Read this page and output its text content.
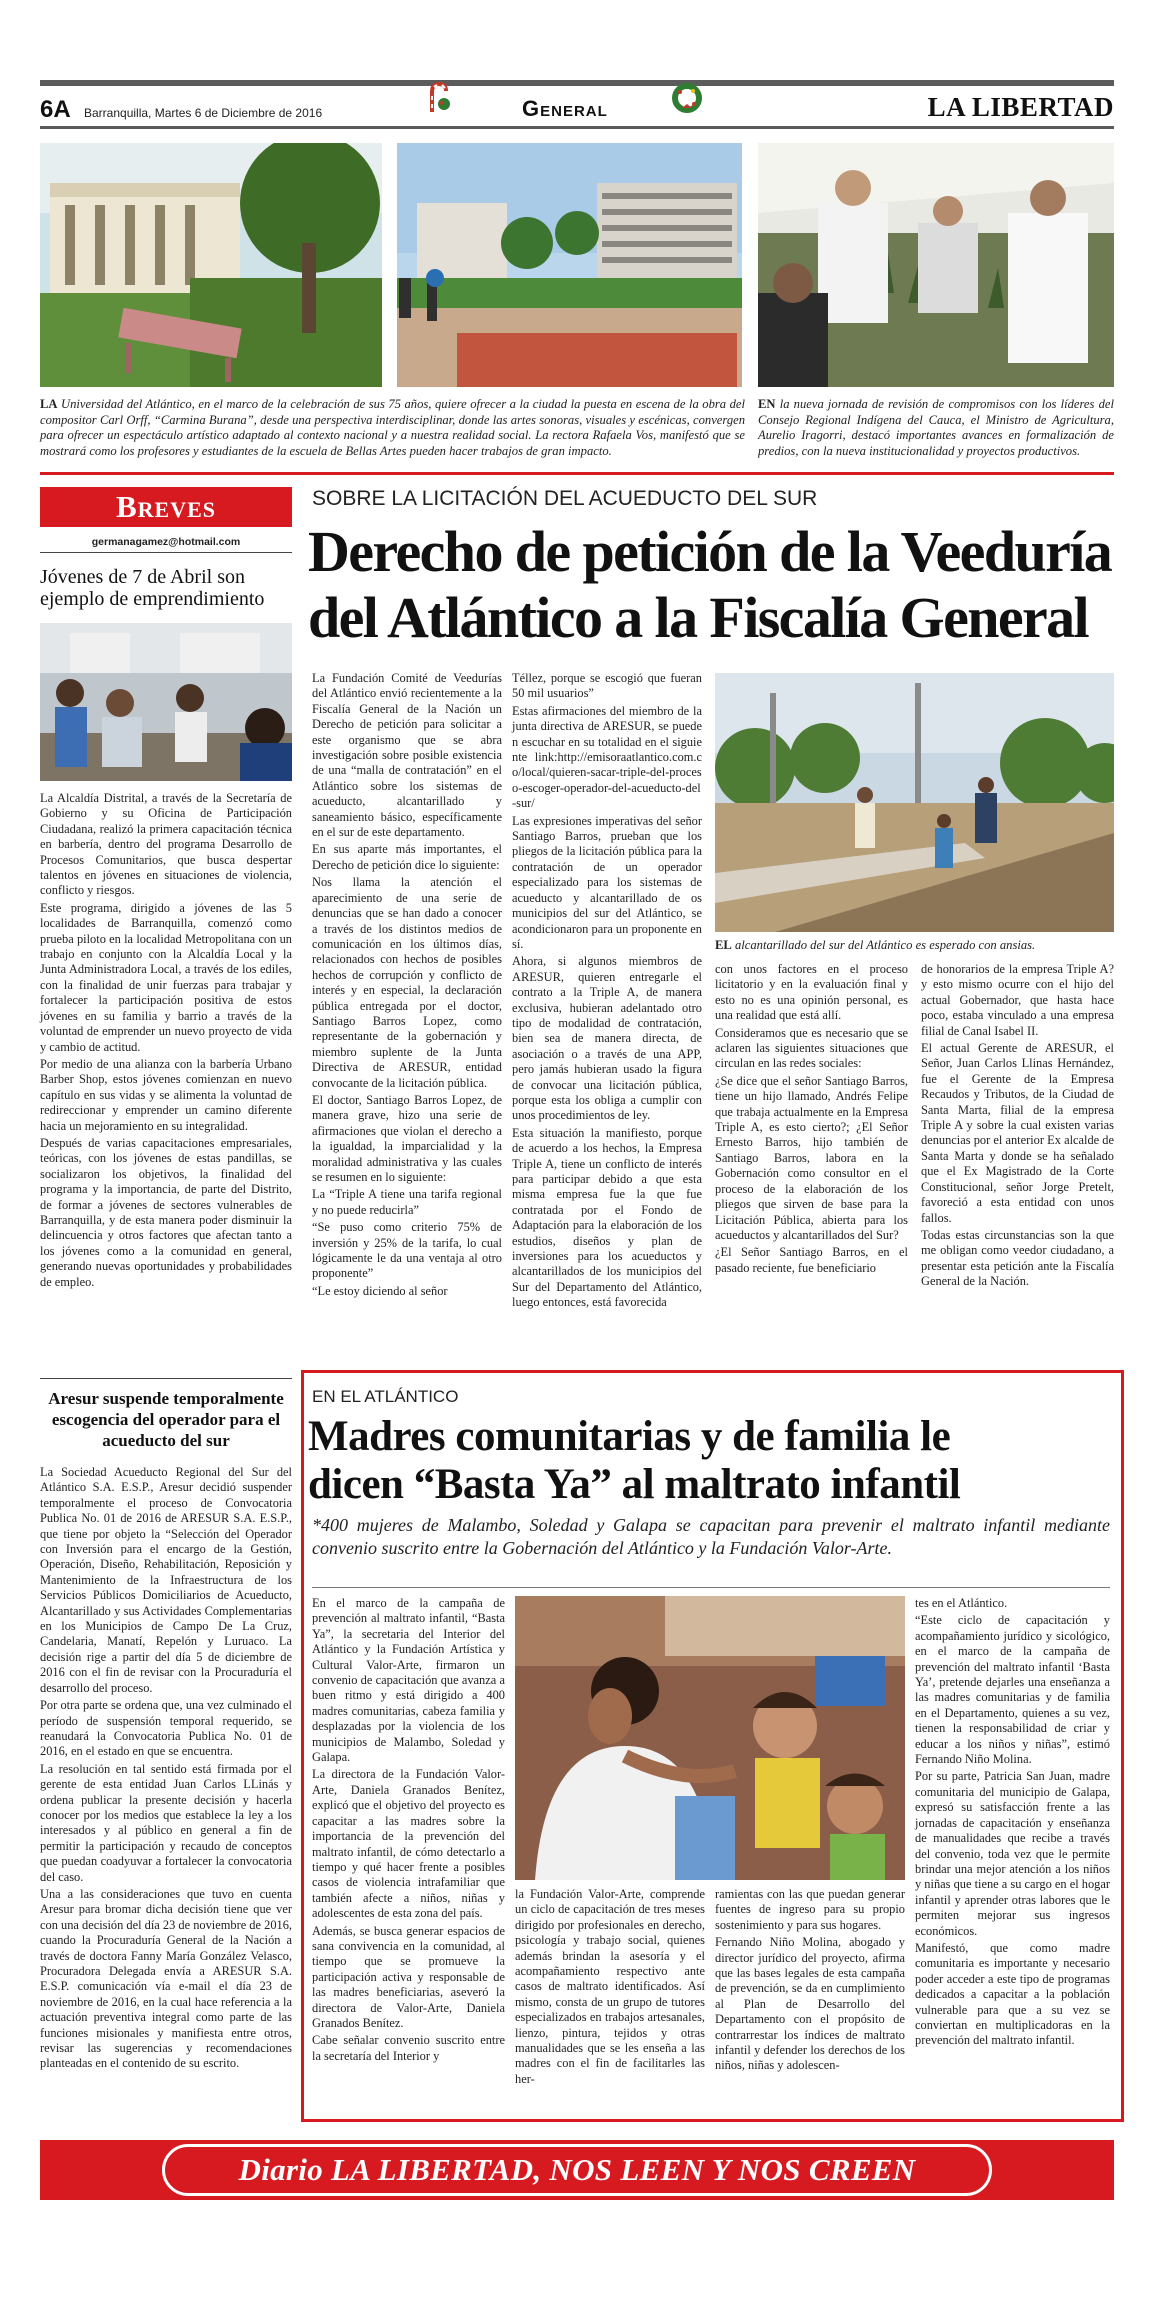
6A Barranquilla, Martes 6 de Diciembre de 2016	General	LA LIBERTAD
LA Universidad del Atlántico, en el marco de la celebración de sus 75 años, quiere ofrecer a la ciudad la puesta en escena de la obra del compositor Carl Orff, “Carmina Burana”, desde una perspectiva interdisciplinar, donde las artes sonoras, visuales y escénicas, convergen para ofrecer un espectáculo artístico adaptado al contexto nacional y a nuestra realidad social. La rectora Rafaela Vos, manifestó que se mostrará como los profesores y estudiantes de la escuela de Bellas Artes pueden hacer trabajos de gran impacto.
EN la nueva jornada de revisión de compromisos con los líderes del Consejo Regional Indígena del Cauca, el Ministro de Agricultura, Aurelio Iragorri, destacó importantes avances en formalización de predios, con la nueva institucionalidad y proyectos productivos.
Breves
germanagamez@hotmail.com
Jóvenes de 7 de Abril son ejemplo de emprendimiento

La Alcaldía Distrital, a través de la Secretaría de Gobierno y su Oficina de Participación Ciudadana, realizó la primera capacitación técnica en barbería, dentro del programa Desarrollo de Procesos Comunitarios, que busca despertar talentos en jóvenes en situaciones de violencia, conflicto y riesgos.

Este programa, dirigido a jóvenes de las 5 localidades de Barranquilla, comenzó como prueba piloto en la localidad Metropolitana con un trabajo en conjunto con la Alcaldía Local y la Junta Administradora Local, a través de los ediles, con la finalidad de unir fuerzas para trabajar y fortalecer la participación positiva de estos jóvenes en su familia y barrio a través de la voluntad de emprender un nuevo proyecto de vida y cambio de actitud.

Por medio de una alianza con la barbería Urbano Barber Shop, estos jóvenes comienzan en nuevo capítulo en sus vidas y se alimenta la voluntad de redireccionar y emprender un camino diferente hacia un mejoramiento en su integralidad.

Después de varias capacitaciones empresariales, teóricas, con los jóvenes de estas pandillas, se socializaron los objetivos, la finalidad del programa y la importancia, de parte del Distrito, de formar a jóvenes de sectores vulnerables de Barranquilla, y de esta manera poder disminuir la delincuencia y otros factores que afectan tanto a los jóvenes como a la comunidad en general, generando nuevas oportunidades y probabilidades de empleo.

Aresur suspende temporalmente escogencia del operador para el acueducto del sur

La Sociedad Acueducto Regional del Sur del Atlántico S.A. E.S.P., Aresur decidió suspender temporalmente el proceso de Convocatoria Publica No. 01 de 2016 de ARESUR S.A. E.S.P., que tiene por objeto la “Selección del Operador con Inversión para el encargo de la Gestión, Operación, Diseño, Rehabilitación, Reposición y Mantenimiento de la Infraestructura de los Servicios Públicos Domiciliarios de Acueducto, Alcantarillado y sus Actividades Complementarias en los Municipios de Campo De La Cruz, Candelaria, Manatí, Repelón y Luruaco. La decisión rige a partir del día 5 de diciembre de 2016 con el fin de revisar con la Procuraduría el desarrollo del proceso.

Por otra parte se ordena que, una vez culminado el período de suspensión temporal requerido, se reanudará la Convocatoria Publica No. 01 de 2016, en el estado en que se encuentra.

La resolución en tal sentido está firmada por el gerente de esta entidad Juan Carlos LLinás y ordena publicar la presente decisión y hacerla conocer por los medios que establece la ley a los interesados y al público en general a fin de permitir la participación y recaudo de conceptos que puedan coadyuvar a fortalecer la convocatoria del caso.

Una a las consideraciones que tuvo en cuenta Aresur para bromar dicha decisión tiene que ver con una decisión del día 23 de noviembre de 2016, cuando la Procuraduría General de la Nación a través de doctora Fanny María González Velasco, Procuradora Delegada envía a ARESUR S.A. E.S.P. comunicación vía e-mail el día 23 de noviembre de 2016, en la cual hace referencia a la actuación preventiva integral como parte de las funciones misionales y manifiesta entre otros, revisar las sugerencias y recomendaciones planteadas en el contenido de su escrito.

SOBRE LA LICITACIÓN DEL ACUEDUCTO DEL SUR
Derecho de petición de la Veeduría
del Atlántico a la Fiscalía General

La Fundación Comité de Veedurías del Atlántico envió recientemente a la Fiscalía General de la Nación un Derecho de petición para solicitar a este organismo que se abra investigación sobre posible existencia de una “malla de contratación” en el Atlántico sobre los sistemas de acueducto, alcantarillado y saneamiento básico, específicamente en el sur de este departamento.

En sus aparte más importantes, el Derecho de petición dice lo siguiente:

Nos llama la atención el aparecimiento de una serie de denuncias que se han dado a conocer a través de los distintos medios de comunicación en los últimos días, relacionados con hechos de posibles hechos de corrupción y conflicto de interés y en especial, la declaración pública entregada por el doctor, Santiago Barros Lopez, como representante de la gobernación y miembro suplente de la Junta Directiva de ARESUR, entidad convocante de la licitación pública.

El doctor, Santiago Barros Lopez, de manera grave, hizo una serie de afirmaciones que violan el derecho a la igualdad, la imparcialidad y la moralidad administrativa y las cuales se resumen en lo siguiente:

La “Triple A tiene una tarifa regional y no puede reducirla”

“Se puso como criterio 75% de inversión y 25% de la tarifa, lo cual lógicamente le da una ventaja al otro proponente”

“Le estoy diciendo al señor

Téllez, porque se escogió que fueran 50 mil usuarios”

Estas afirmaciones del miembro de la junta directiva de ARESUR, se pueden escuchar en su totalidad en el siguiente link:http://emisoraatlantico.com.co/local/quieren-sacar-triple-del-proceso-escoger-operador-del-acueducto-del-sur/

Las expresiones imperativas del señor Santiago Barros, prueban que los pliegos de la licitación pública para la contratación de un operador especializado para los sistemas de acueducto y alcantarillado de os municipios del sur del Atlántico, se acondicionaron para un proponente en sí.

Ahora, si algunos miembros de ARESUR, quieren entregarle el contrato a la Triple A, de manera exclusiva, hubieran adelantado otro tipo de modalidad de contratación, bien sea de manera directa, de asociación o a través de una APP, pero jamás hubieran usado la figura de convocar una licitación pública, porque esta los obliga a cumplir con unos procedimientos de ley.

Esta situación la manifiesto, porque de acuerdo a los hechos, la Empresa Triple A, tiene un conflicto de interés para participar debido a que esta misma empresa fue la que fue contratada por el Fondo de Adaptación para la elaboración de los estudios, diseños y plan de inversiones para los acueductos y alcantarillados de los municipios del Sur del Departamento del Atlántico, luego entonces, está favorecida

EL alcantarillado del sur del Atlántico es esperado con ansias.

con unos factores en el proceso licitatorio y en la evaluación final y esto no es una opinión personal, es una realidad que está allí.

Consideramos que es necesario que se aclaren las siguientes situaciones que circulan en las redes sociales:

¿Se dice que el señor Santiago Barros, tiene un hijo llamado, Andrés Felipe que trabaja actualmente en la Empresa Triple A, es esto cierto?; ¿El Señor Ernesto Barros, hijo también de Santiago Barros, labora en la Gobernación como consultor en el proceso de la elaboración de los pliegos que sirven de base para la Licitación Pública, abierta para los acueductos y alcantarillados del Sur?

¿El Señor Santiago Barros, en el pasado reciente, fue beneficiario

de honorarios de la empresa Triple A? y esto mismo ocurre con el hijo del actual Gobernador, que hasta hace poco, estaba vinculado a una empresa filial de Canal Isabel II.

El actual Gerente de ARESUR, el Señor, Juan Carlos Llinas Hernández, fue el Gerente de la Empresa Recaudos y Tributos, de la Ciudad de Santa Marta, filial de la empresa Triple A y sobre la cual existen varias denuncias por el anterior Ex alcalde de Santa Marta y donde se ha señalado que el Ex Magistrado de la Corte Constitucional, señor Jorge Pretelt, favoreció a esta entidad con unos fallos.

Todas estas circunstancias son la que me obligan como veedor ciudadano, a presentar esta petición ante la Fiscalía General de la Nación.

EN EL ATLÁNTICO
Madres comunitarias y de familia le
dicen “Basta Ya” al maltrato infantil
*400 mujeres de Malambo, Soledad y Galapa se capacitan para prevenir el maltrato infantil mediante convenio suscrito entre la Gobernación del Atlántico y la Fundación Valor-Arte.

En el marco de la campaña de prevención al maltrato infantil, “Basta Ya”, la secretaria del Interior del Atlántico y la Fundación Artística y Cultural Valor-Arte, firmaron un convenio de capacitación que avanza a buen ritmo y está dirigido a 400 madres comunitarias, cabeza familia y desplazadas por la violencia de los municipios de Malambo, Soledad y Galapa.

La directora de la Fundación Valor-Arte, Daniela Granados Benítez, explicó que el objetivo del proyecto es capacitar a las madres sobre la importancia de la prevención del maltrato infantil, de cómo detectarlo a tiempo y qué hacer frente a posibles casos de violencia intrafamiliar que también afecte a niños, niñas y adolescentes de esta zona del país.

Además, se busca generar espacios de sana convivencia en la comunidad, al tiempo que se promueve la participación activa y responsable de las madres beneficiarias, aseveró la directora de Valor-Arte, Daniela Granados Benítez.

Cabe señalar convenio suscrito entre la secretaría del Interior y

la Fundación Valor-Arte, comprende un ciclo de capacitación de tres meses dirigido por profesionales en derecho, psicología y trabajo social, quienes además brindan la asesoría y el acompañamiento respectivo ante casos de maltrato identificados. Así mismo, consta de un grupo de tutores especializados en trabajos artesanales, lienzo, pintura, tejidos y otras manualidades que se les enseña a las madres con el fin de facilitarles las her-

ramientas con las que puedan generar fuentes de ingreso para su propio sostenimiento y para sus hogares.

Fernando Niño Molina, abogado y director jurídico del proyecto, afirma que las bases legales de esta campaña de prevención, se da en cumplimiento al Plan de Desarrollo del Departamento con el propósito de contrarrestar los índices de maltrato infantil y defender los derechos de los niños, niñas y adolescen-

tes en el Atlántico.

“Este ciclo de capacitación y acompañamiento jurídico y sicológico, en el marco de la campaña de prevención del maltrato infantil ‘Basta Ya’, pretende dejarles una enseñanza a las madres comunitarias y de familia en el Departamento, quienes a su vez, tienen la responsabilidad de criar y educar a los niños y niñas”, estimó Fernando Niño Molina.

Por su parte, Patricia San Juan, madre comunitaria del municipio de Galapa, expresó su satisfacción frente a las jornadas de capacitación y enseñanza de manualidades que recibe a través del convenio, toda vez que le permite brindar una mejor atención a los niños y niñas que tiene a su cargo en el hogar infantil y aprender otras labores que le permiten mejorar sus ingresos económicos.

Manifestó, que como madre comunitaria es importante y necesario poder acceder a este tipo de programas dedicados a capacitar a la población vulnerable para que a su vez se conviertan en multiplicadoras en la prevención del maltrato infantil.

Diario LA LIBERTAD, NOS LEEN Y NOS CREEN
